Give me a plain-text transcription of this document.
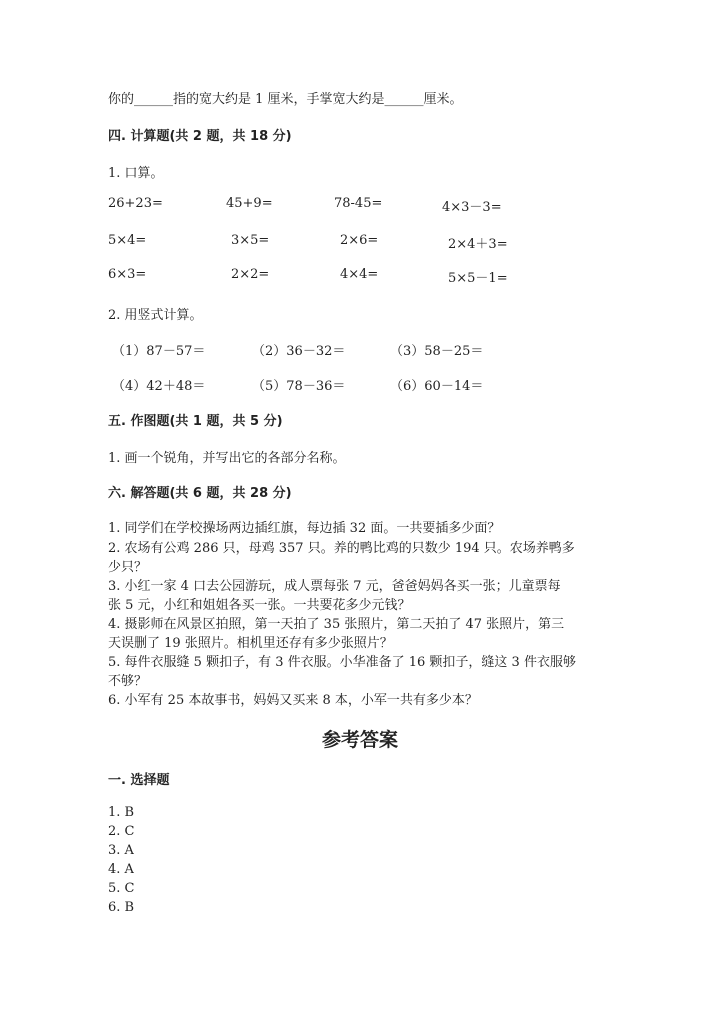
你的______指的宽大约是 1 厘米，手掌宽大约是______厘米。
四. 计算题(共 2 题，共 18 分)
1. 口算。
26+23=	45+9=	78-45=	4×3－3=
5×4=	3×5=	2×6=	2×4＋3=
6×3=	2×2=	4×4=	5×5－1=
2. 用竖式计算。
（1）87－57＝	（2）36－32＝	（3）58－25＝
（4）42＋48＝	（5）78－36＝	（6）60－14＝
五. 作图题(共 1 题，共 5 分)
1. 画一个锐角，并写出它的各部分名称。
六. 解答题(共 6 题，共 28 分)
1. 同学们在学校操场两边插红旗，每边插 32 面。一共要插多少面？
2. 农场有公鸡 286 只，母鸡 357 只。养的鸭比鸡的只数少 194 只。农场养鸭多
少只？
3. 小红一家 4 口去公园游玩，成人票每张 7 元，爸爸妈妈各买一张；儿童票每
张 5 元，小红和姐姐各买一张。一共要花多少元钱？
4. 摄影师在风景区拍照，第一天拍了 35 张照片，第二天拍了 47 张照片，第三
天误删了 19 张照片。相机里还存有多少张照片？
5. 每件衣服缝 5 颗扣子，有 3 件衣服。小华准备了 16 颗扣子，缝这 3 件衣服够
不够？
6. 小军有 25 本故事书，妈妈又买来 8 本，小军一共有多少本？
参考答案
一. 选择题
1. B
2. C
3. A
4. A
5. C
6. B
